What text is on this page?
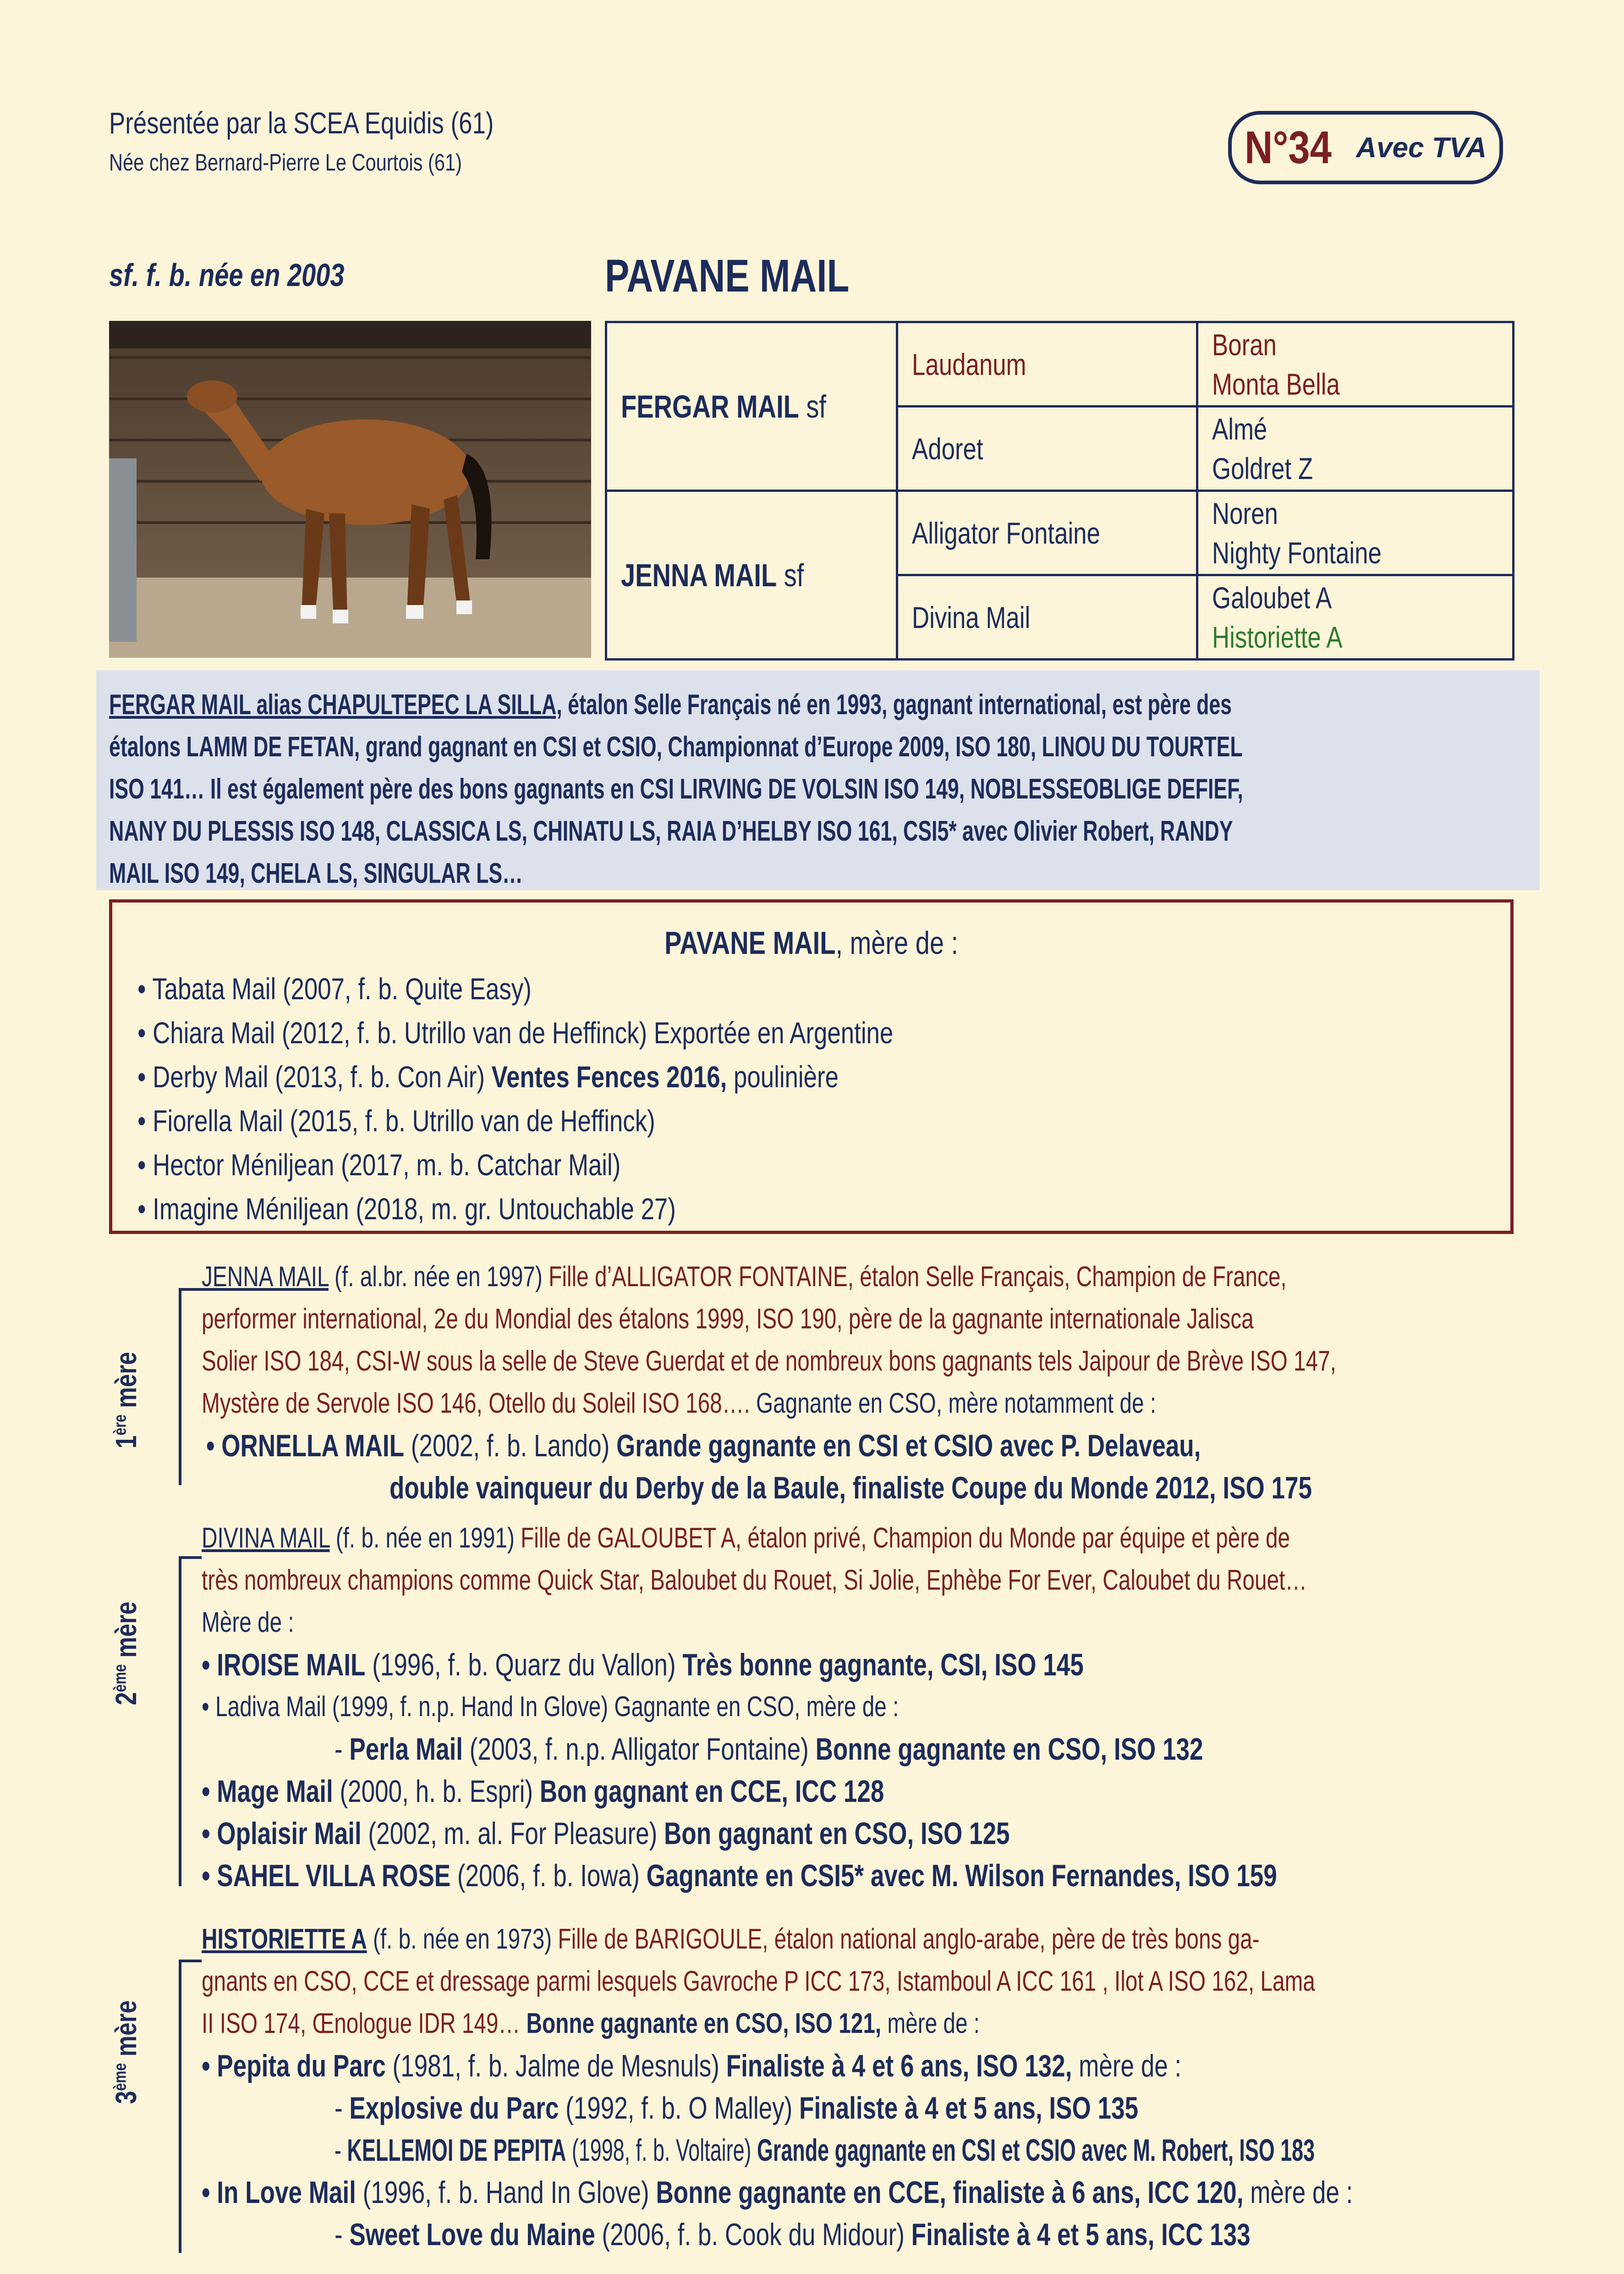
Présentée par la SCEA Equidis (61)
Née chez Bernard-Pierre Le Courtois (61)	N°34 Avec TVA
sf. f. b. née en 2003	PAVANE MAIL
FERGAR MAIL sf	Laudanum	Boran
Monta Bella

	Adoret	Almé
Goldret Z

JENNA MAIL sf	Alligator Fontaine	Noren
Nighty Fontaine

	Divina Mail	Galoubet A
Historiette A

FERGAR MAIL alias CHAPULTEPEC LA SILLA, étalon Selle Français né en 1993, gagnant international, est père des

étalons LAMM DE FETAN, grand gagnant en CSI et CSIO, Championnat d’Europe 2009, ISO 180, LINOU DU TOURTEL

ISO 141… Il est également père des bons gagnants en CSI LIRVING DE VOLSIN ISO 149, NOBLESSEOBLIGE DEFIEF,

NANY DU PLESSIS ISO 148, CLASSICA LS, CHINATU LS, RAIA D’HELBY ISO 161, CSI5* avec Olivier Robert, RANDY

MAIL ISO 149, CHELA LS, SINGULAR LS…

PAVANE MAIL, mère de :
• Tabata Mail (2007, f. b. Quite Easy)
• Chiara Mail (2012, f. b. Utrillo van de Heffinck) Exportée en Argentine
• Derby Mail (2013, f. b. Con Air) Ventes Fences 2016, poulinière
• Fiorella Mail (2015, f. b. Utrillo van de Heffinck)
• Hector Méniljean (2017, m. b. Catchar Mail)
• Imagine Méniljean (2018, m. gr. Untouchable 27)
1ère mère
JENNA MAIL (f. al.br. née en 1997) Fille d’ALLIGATOR FONTAINE, étalon Selle Français, Champion de France,
performer international, 2e du Mondial des étalons 1999, ISO 190, père de la gagnante internationale Jalisca
Solier ISO 184, CSI-W sous la selle de Steve Guerdat et de nombreux bons gagnants tels Jaipour de Brève ISO 147,
Mystère de Servole ISO 146, Otello du Soleil ISO 168…. Gagnante en CSO, mère notamment de :
• ORNELLA MAIL (2002, f. b. Lando) Grande gagnante en CSI et CSIO avec P. Delaveau,
double vainqueur du Derby de la Baule, finaliste Coupe du Monde 2012, ISO 175
2ème mère
DIVINA MAIL (f. b. née en 1991) Fille de GALOUBET A, étalon privé, Champion du Monde par équipe et père de
très nombreux champions comme Quick Star, Baloubet du Rouet, Si Jolie, Ephèbe For Ever, Caloubet du Rouet…
Mère de :
• IROISE MAIL (1996, f. b. Quarz du Vallon) Très bonne gagnante, CSI, ISO 145
• Ladiva Mail (1999, f. n.p. Hand In Glove) Gagnante en CSO, mère de :
- Perla Mail (2003, f. n.p. Alligator Fontaine) Bonne gagnante en CSO, ISO 132
• Mage Mail (2000, h. b. Espri) Bon gagnant en CCE, ICC 128
• Oplaisir Mail (2002, m. al. For Pleasure) Bon gagnant en CSO, ISO 125
• SAHEL VILLA ROSE (2006, f. b. Iowa) Gagnante en CSI5* avec M. Wilson Fernandes, ISO 159
3ème mère
HISTORIETTE A (f. b. née en 1973) Fille de BARIGOULE, étalon national anglo-arabe, père de très bons ga-
gnants en CSO, CCE et dressage parmi lesquels Gavroche P ICC 173, Istamboul A ICC 161 , Ilot A ISO 162, Lama
II ISO 174, Œnologue IDR 149… Bonne gagnante en CSO, ISO 121, mère de :
• Pepita du Parc (1981, f. b. Jalme de Mesnuls) Finaliste à 4 et 6 ans, ISO 132, mère de :
- Explosive du Parc (1992, f. b. O Malley) Finaliste à 4 et 5 ans, ISO 135
- KELLEMOI DE PEPITA (1998, f. b. Voltaire) Grande gagnante en CSI et CSIO avec M. Robert, ISO 183
• In Love Mail (1996, f. b. Hand In Glove) Bonne gagnante en CCE, finaliste à 6 ans, ICC 120, mère de :
- Sweet Love du Maine (2006, f. b. Cook du Midour) Finaliste à 4 et 5 ans, ICC 133
